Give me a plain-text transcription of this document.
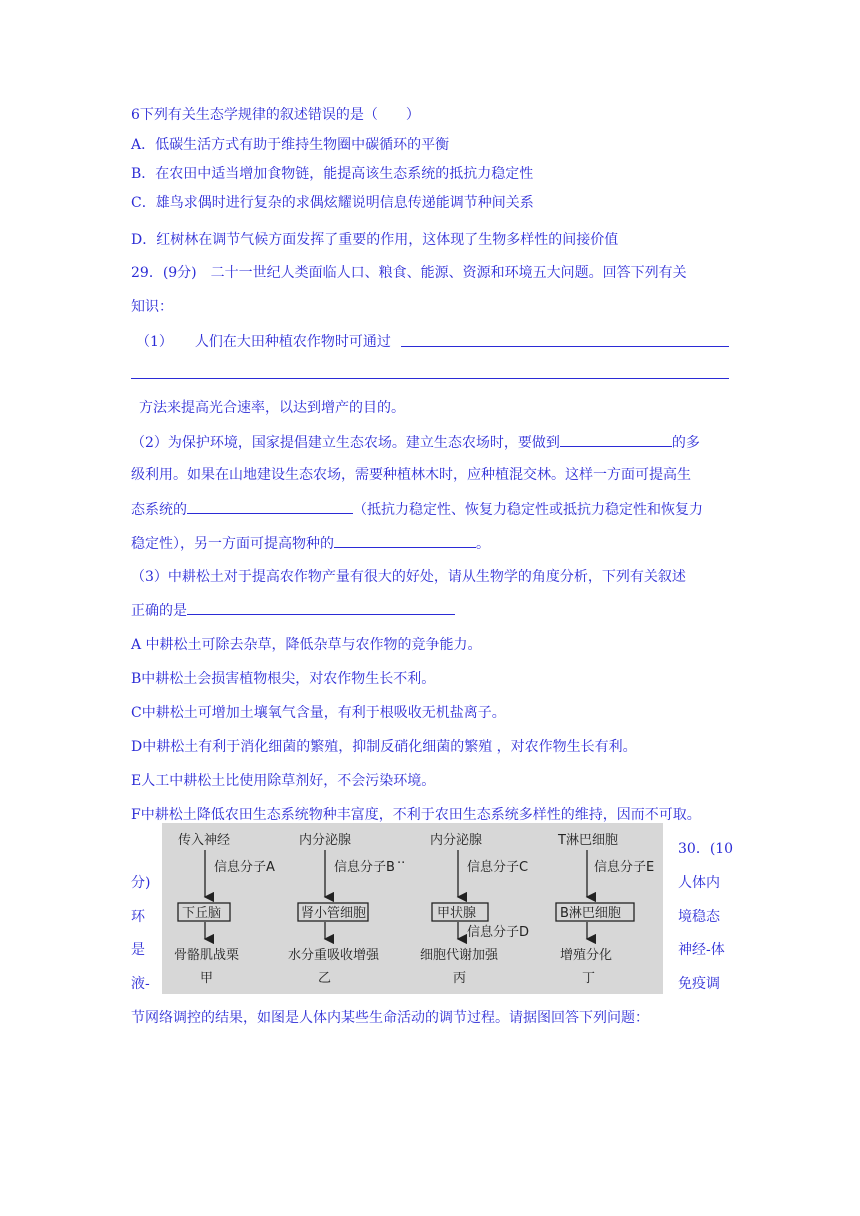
6下列有关生态学规律的叙述错误的是（　　）
A．低碳生活方式有助于维持生物圈中碳循环的平衡
B．在农田中适当增加食物链，能提高该生态系统的抵抗力稳定性
C．雄鸟求偶时进行复杂的求偶炫耀说明信息传递能调节种间关系
D．红树林在调节气候方面发挥了重要的作用，这体现了生物多样性的间接价值
29．(9分)　二十一世纪人类面临人口、粮食、能源、资源和环境五大问题。回答下列有关
知识：
（1） 人们在大田种植农作物时可通过
方法来提高光合速率，以达到增产的目的。
（2）为保护环境，国家提倡建立生态农场。建立生态农场时，要做到	的多
级利用。如果在山地建设生态农场，需要种植林木时，应种植混交林。这样一方面可提高生
态系统的	（抵抗力稳定性、恢复力稳定性或抵抗力稳定性和恢复力
稳定性），另一方面可提高物种的	。
（3）中耕松土对于提高农作物产量有很大的好处，请从生物学的角度分析，下列有关叙述
正确的是
A 中耕松土可除去杂草，降低杂草与农作物的竞争能力。
B中耕松土会损害植物根尖，对农作物生长不利。
C中耕松土可增加土壤氧气含量，有利于根吸收无机盐离子。
D中耕松土有利于消化细菌的繁殖，抑制反硝化细菌的繁殖 ，对农作物生长有利。
E人工中耕松土比使用除草剂好，不会污染环境。
F中耕松土降低农田生态系统物种丰富度，不利于农田生态系统多样性的维持，因而不可取。
30．(10
分)	人体内
环	境稳态
是	神经-体
液-	免疫调
节网络调控的结果，如图是人体内某些生命活动的调节过程。请据图回答下列问题：
传入神经
信息分子A
下丘脑
骨骼肌战栗
甲
内分泌腺
信息分子B
肾小管细胞
水分重吸收增强
乙
··
内分泌腺
信息分子C
甲状腺
信息分子D
细胞代谢加强
丙
T淋巴细胞
信息分子E
B淋巴细胞
增殖分化
丁
